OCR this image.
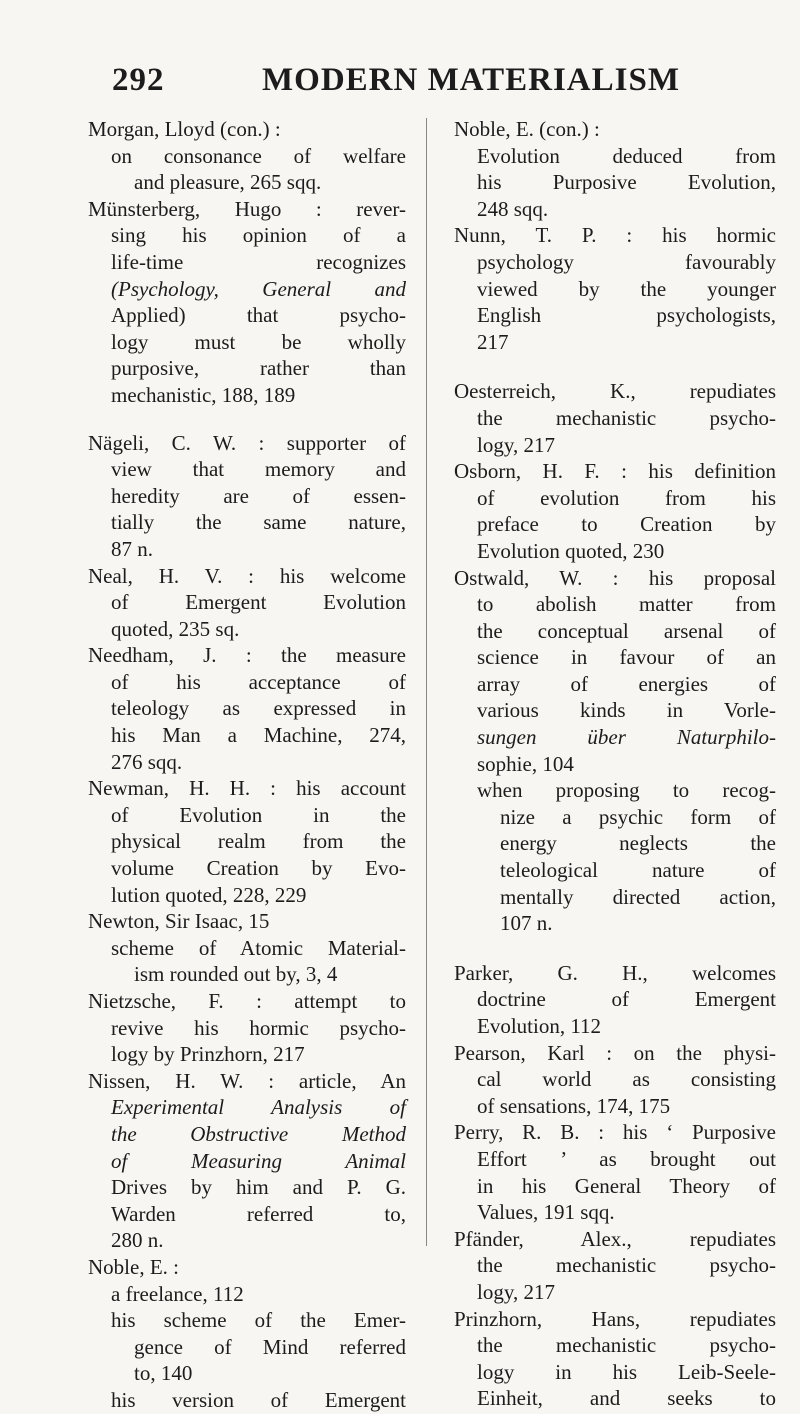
292	MODERN MATERIALISM
Morgan, Lloyd (con.) :
on consonance of welfare
and pleasure, 265 sqq.
Münsterberg, Hugo : rever-
sing his opinion of a
life-time recognizes
(Psychology, General and
Applied) that psycho-
logy must be wholly
purposive, rather than
mechanistic, 188, 189
Nägeli, C. W. : supporter of
view that memory and
heredity are of essen-
tially the same nature,
87 n.
Neal, H. V. : his welcome
of Emergent Evolution
quoted, 235 sq.
Needham, J. : the measure
of his acceptance of
teleology as expressed in
his Man a Machine, 274,
276 sqq.
Newman, H. H. : his account
of Evolution in the
physical realm from the
volume Creation by Evo-
lution quoted, 228, 229
Newton, Sir Isaac, 15
scheme of Atomic Material-
ism rounded out by, 3, 4
Nietzsche, F. : attempt to
revive his hormic psycho-
logy by Prinzhorn, 217
Nissen, H. W. : article, An
Experimental Analysis of
the Obstructive Method
of Measuring Animal
Drives by him and P. G.
Warden referred to,
280 n.
Noble, E. :
a freelance, 112
his scheme of the Emer-
gence of Mind referred
to, 140
his version of Emergent
Noble, E. (con.) :
Evolution deduced from
his Purposive Evolution,
248 sqq.
Nunn, T. P. : his hormic
psychology favourably
viewed by the younger
English psychologists,
217
Oesterreich, K., repudiates
the mechanistic psycho-
logy, 217
Osborn, H. F. : his definition
of evolution from his
preface to Creation by
Evolution quoted, 230
Ostwald, W. : his proposal
to abolish matter from
the conceptual arsenal of
science in favour of an
array of energies of
various kinds in Vorle-
sungen über Naturphilo-
sophie, 104
when proposing to recog-
nize a psychic form of
energy neglects the
teleological nature of
mentally directed action,
107 n.
Parker, G. H., welcomes
doctrine of Emergent
Evolution, 112
Pearson, Karl : on the physi-
cal world as consisting
of sensations, 174, 175
Perry, R. B. : his ‘ Purposive
Effort ’ as brought out
in his General Theory of
Values, 191 sqq.
Pfänder, Alex., repudiates
the mechanistic psycho-
logy, 217
Prinzhorn, Hans, repudiates
the mechanistic psycho-
logy in his Leib-Seele-
Einheit, and seeks to
